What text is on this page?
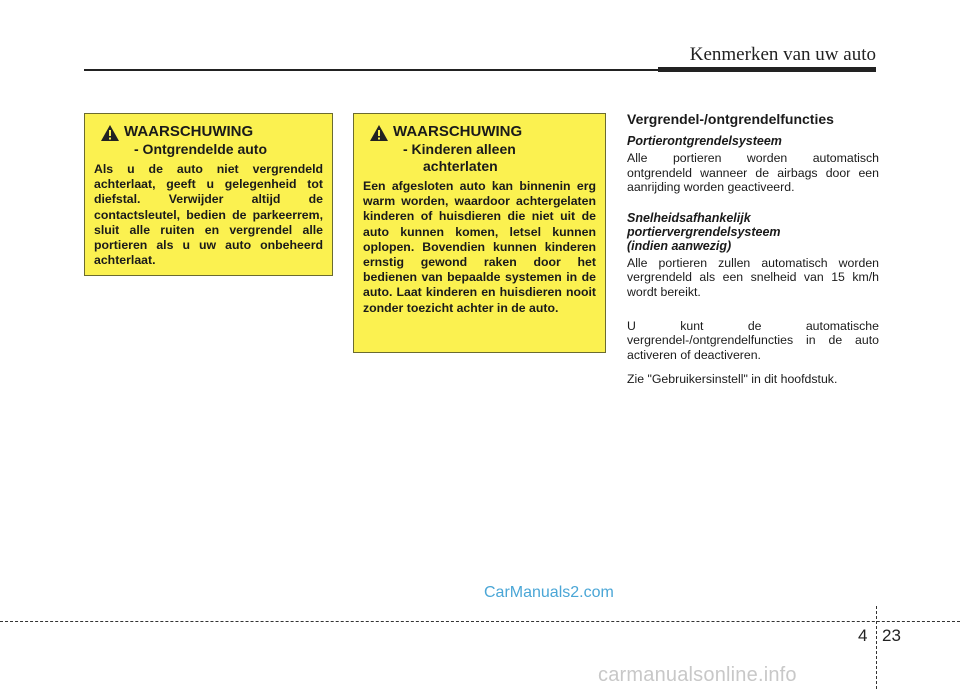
Kenmerken van uw auto
WAARSCHUWING
- Ontgrendelde auto
Als u de auto niet vergrendeld achterlaat, geeft u gelegenheid tot diefstal. Verwijder altijd de contactsleutel, bedien de parkeerrem, sluit alle ruiten en vergrendel alle portieren als u uw auto onbeheerd achterlaat.
WAARSCHUWING
- Kinderen alleen
achterlaten
Een afgesloten auto kan binnenin erg warm worden, waardoor achtergelaten kinderen of huisdieren die niet uit de auto kunnen komen, letsel kunnen oplopen. Bovendien kunnen kinderen ernstig gewond raken door het bedienen van bepaalde systemen in de auto. Laat kinderen en huisdieren nooit zonder toezicht achter in de auto.
Vergrendel-/ontgrendelfuncties
Portierontgrendelsysteem
Alle portieren worden automatisch ontgrendeld wanneer de airbags door een aanrijding worden geactiveerd.
Snelheidsafhankelijk
portiervergrendelsysteem
(indien aanwezig)
Alle portieren zullen automatisch worden vergrendeld als een snelheid van 15 km/h wordt bereikt.
U kunt de automatische vergrendel-/ontgrendelfuncties in de auto activeren of deactiveren.
Zie "Gebruikersinstell" in dit hoofdstuk.
CarManuals2.com
4 23
carmanualsonline.info
